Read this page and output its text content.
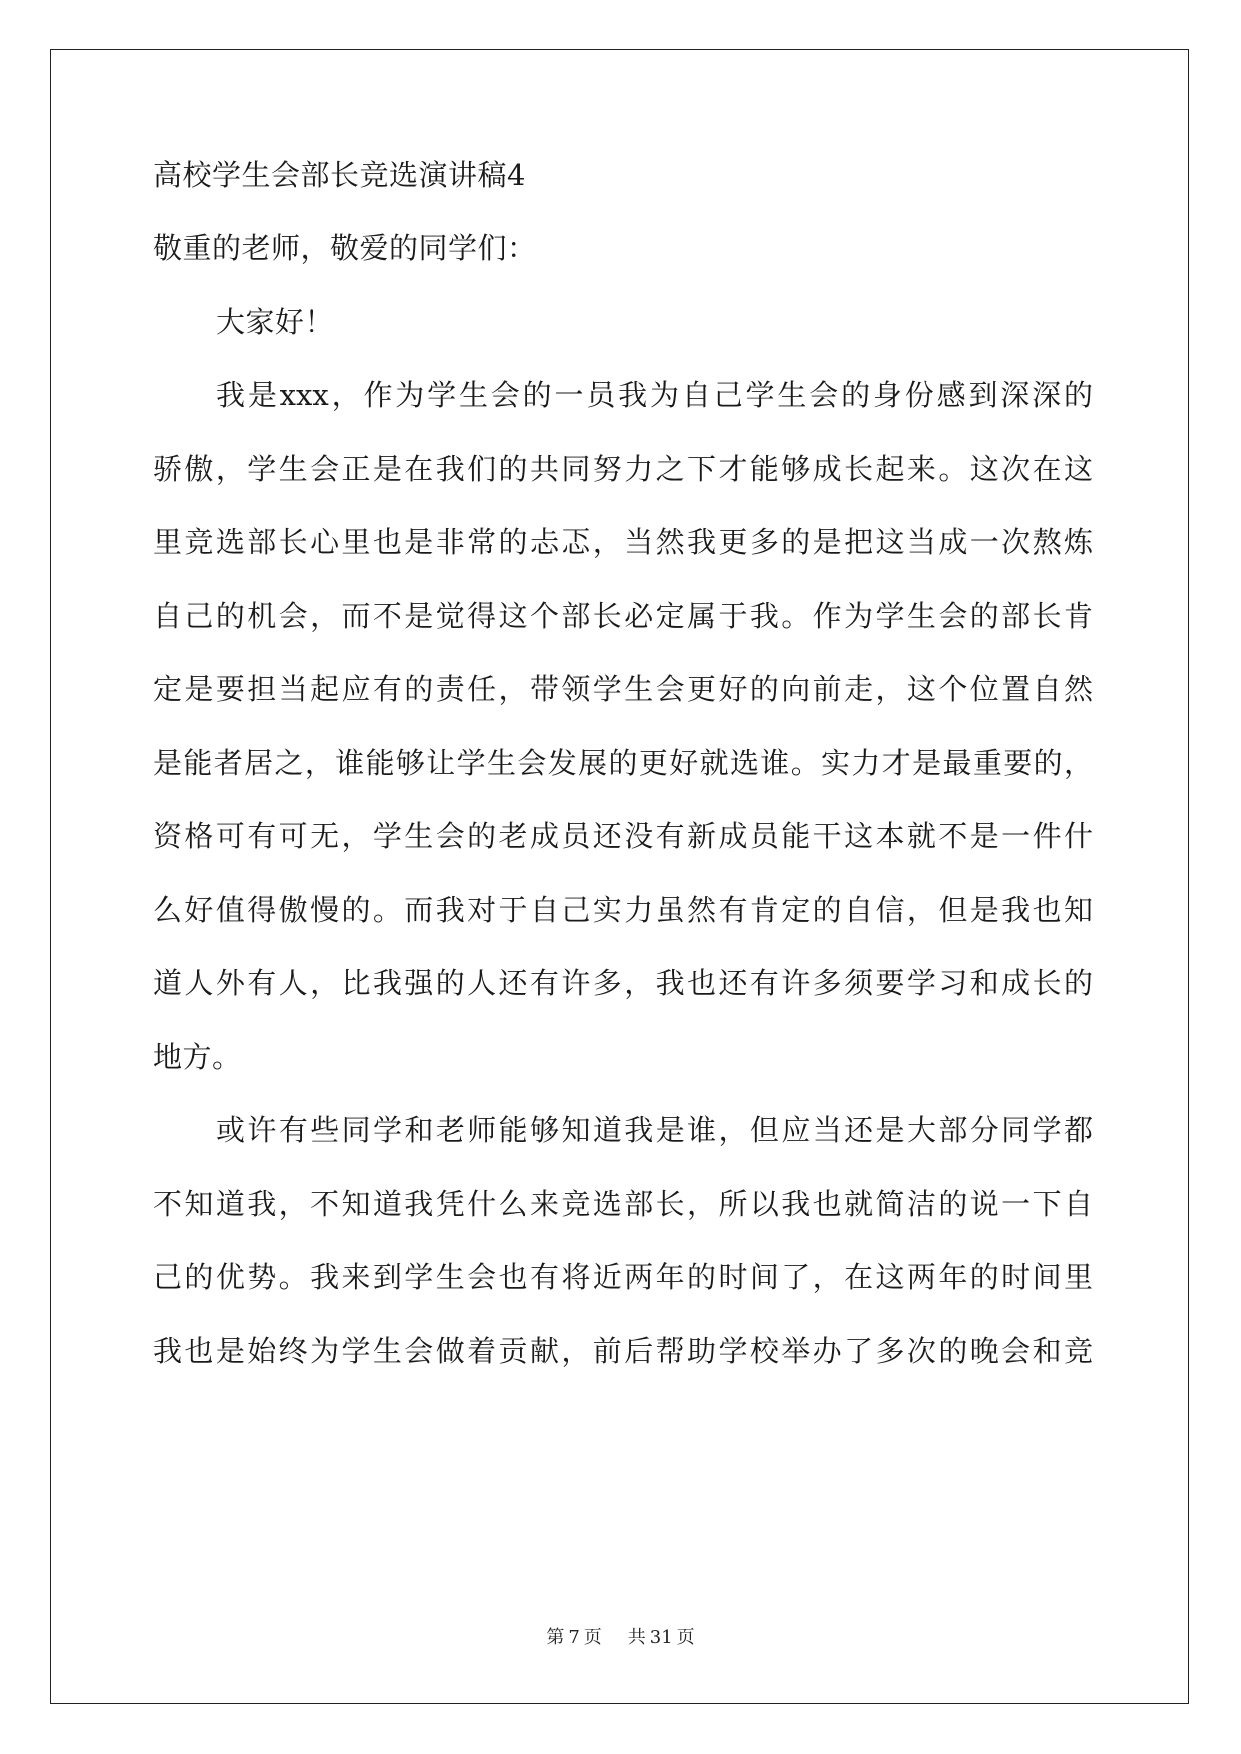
高校学生会部长竞选演讲稿4
敬重的老师，敬爱的同学们：
大家好！
我是xxx，作为学生会的一员我为自己学生会的身份感到深深的
骄傲，学生会正是在我们的共同努力之下才能够成长起来。这次在这
里竞选部长心里也是非常的忐忑，当然我更多的是把这当成一次熬炼
自己的机会，而不是觉得这个部长必定属于我。作为学生会的部长肯
定是要担当起应有的责任，带领学生会更好的向前走，这个位置自然
是能者居之，谁能够让学生会发展的更好就选谁。实力才是最重要的，
资格可有可无，学生会的老成员还没有新成员能干这本就不是一件什
么好值得傲慢的。而我对于自己实力虽然有肯定的自信，但是我也知
道人外有人，比我强的人还有许多，我也还有许多须要学习和成长的
地方。
或许有些同学和老师能够知道我是谁，但应当还是大部分同学都
不知道我，不知道我凭什么来竞选部长，所以我也就简洁的说一下自
己的优势。我来到学生会也有将近两年的时间了，在这两年的时间里
我也是始终为学生会做着贡献，前后帮助学校举办了多次的晚会和竞
第 7 页 共 31 页
